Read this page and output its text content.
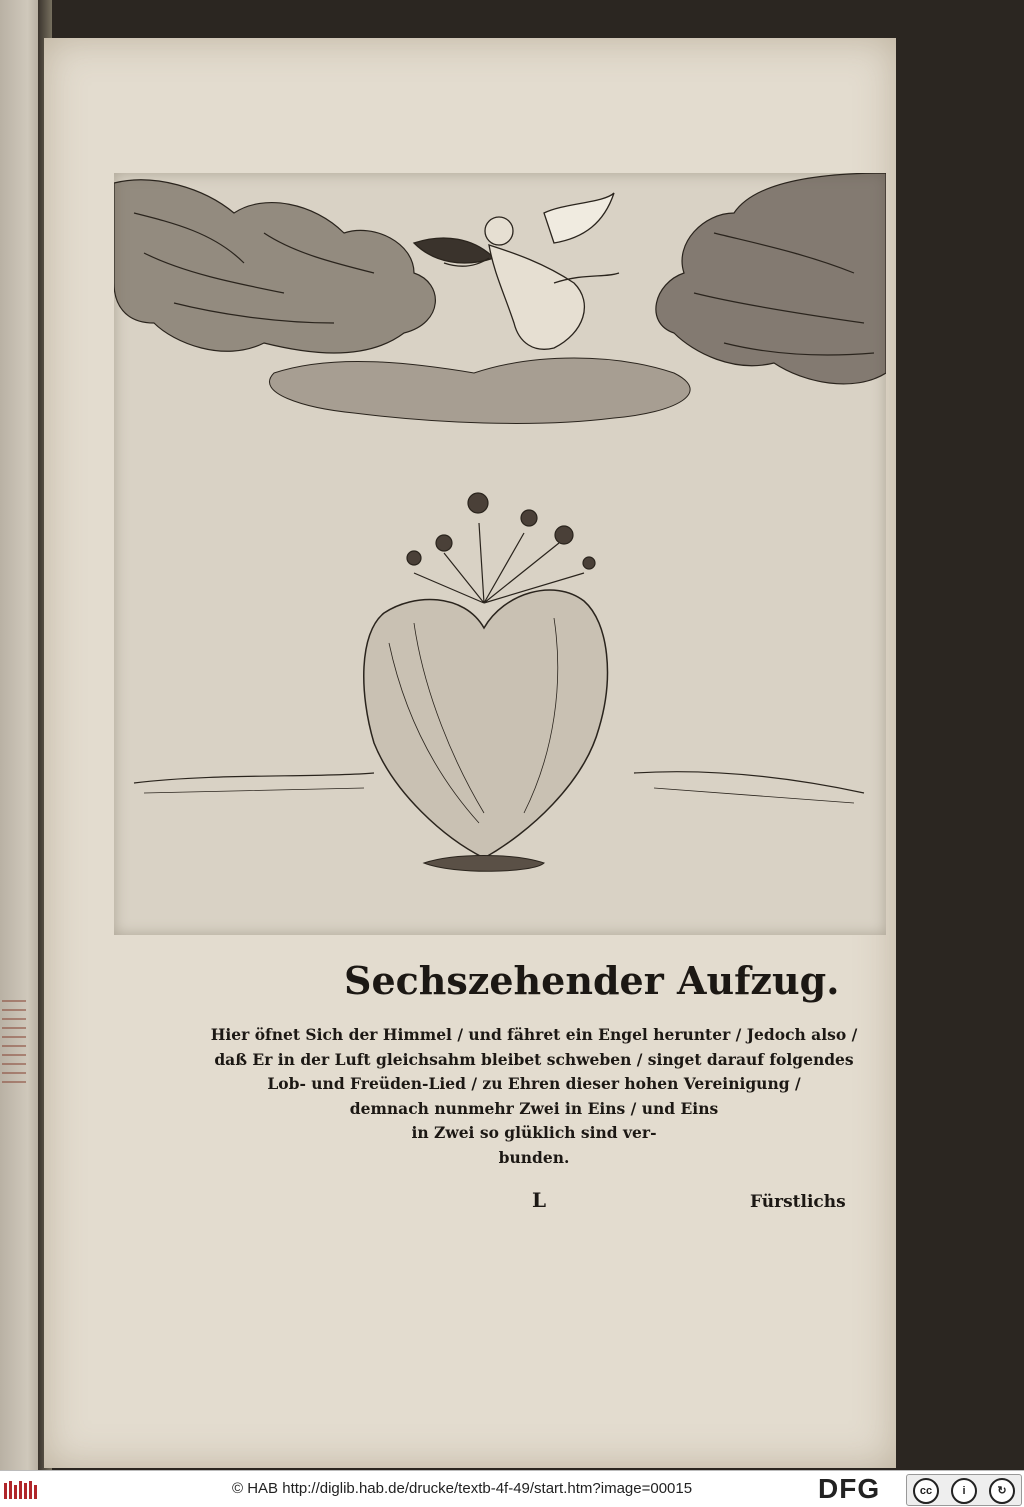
Sechszehender Aufzug.
Hier öfnet Sich der Himmel / und fähret ein Engel herunter / Jedoch also /
daß Er in der Luft gleichsahm bleibet schweben / singet darauf folgendes
Lob- und Freüden-Lied / zu Ehren dieser hohen Vereinigung /
demnach nunmehr Zwei in Eins / und Eins
in Zwei so glüklich sind ver-
bunden.
L	Fürstlichs
© HAB http://diglib.hab.de/drucke/textb-4f-49/start.htm?image=00015	DFG	cc	i	↻
